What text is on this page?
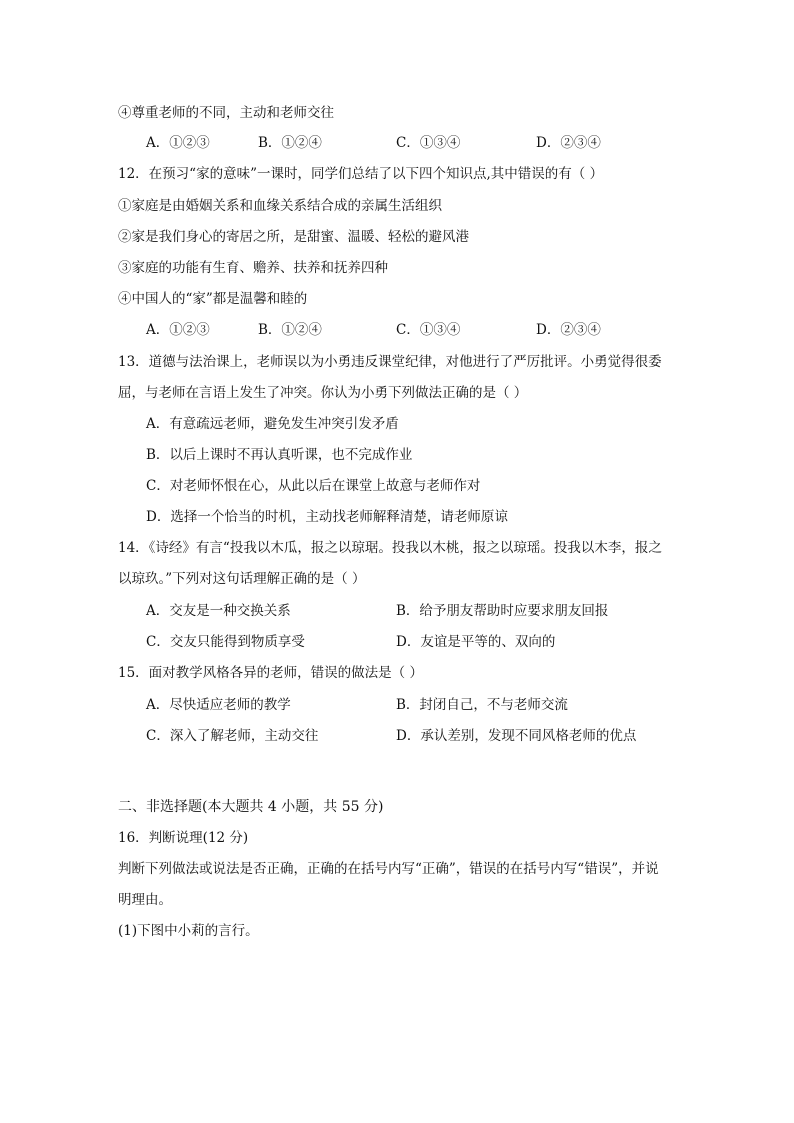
④尊重老师的不同，主动和老师交往
A．①②③	B．①②④	C．①③④	D．②③④
12．在预习“家的意味”一课时，同学们总结了以下四个知识点,其中错误的有（ ）
①家庭是由婚姻关系和血缘关系结合成的亲属生活组织
②家是我们身心的寄居之所，是甜蜜、温暖、轻松的避风港
③家庭的功能有生育、赡养、扶养和抚养四种
④中国人的“家”都是温馨和睦的
A．①②③	B．①②④	C．①③④	D．②③④
13．道德与法治课上，老师误以为小勇违反课堂纪律，对他进行了严厉批评。小勇觉得很委
屈，与老师在言语上发生了冲突。你认为小勇下列做法正确的是（ ）
A．有意疏远老师，避免发生冲突引发矛盾
B．以后上课时不再认真听课，也不完成作业
C．对老师怀恨在心，从此以后在课堂上故意与老师作对
D．选择一个恰当的时机，主动找老师解释清楚，请老师原谅
14．《诗经》有言“投我以木瓜，报之以琼琚。投我以木桃，报之以琼瑶。投我以木李，报之
以琼玖。”下列对这句话理解正确的是（ ）
A．交友是一种交换关系	B．给予朋友帮助时应要求朋友回报
C．交友只能得到物质享受	D．友谊是平等的、双向的
15．面对教学风格各异的老师，错误的做法是（ ）
A．尽快适应老师的教学	B．封闭自己，不与老师交流
C．深入了解老师，主动交往	D．承认差别，发现不同风格老师的优点
二、非选择题(本大题共 4 小题，共 55 分)
16．判断说理(12 分)
判断下列做法或说法是否正确，正确的在括号内写“正确”，错误的在括号内写“错误”，并说
明理由。
(1)下图中小莉的言行。
